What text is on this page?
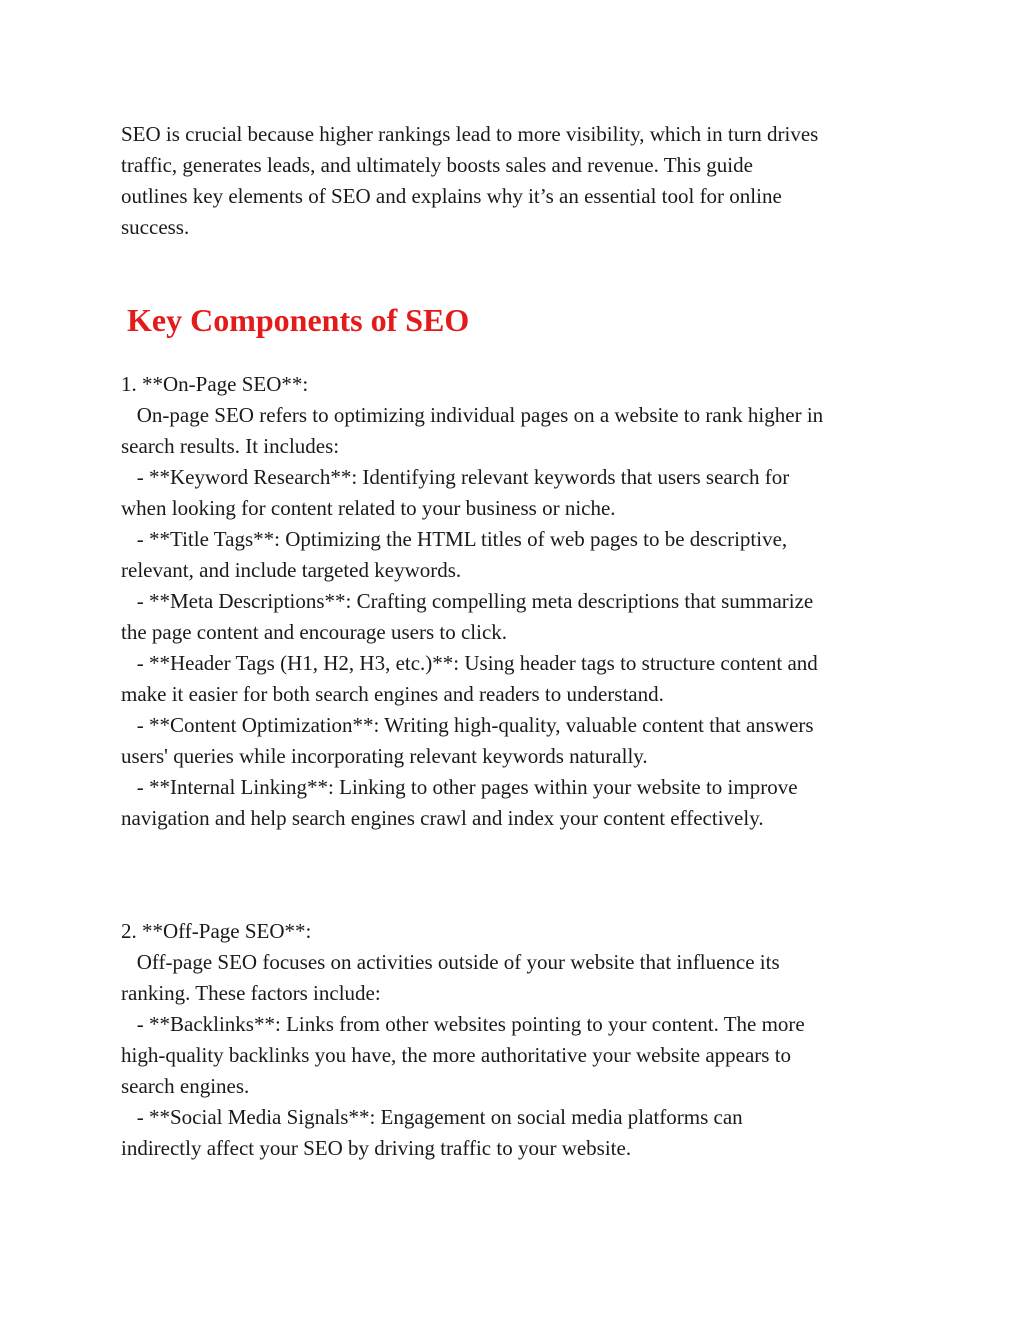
SEO is crucial because higher rankings lead to more visibility, which in turn drives
traffic, generates leads, and ultimately boosts sales and revenue. This guide
outlines key elements of SEO and explains why it’s an essential tool for online
success.
Key Components of SEO
1. **On-Page SEO**:
On-page SEO refers to optimizing individual pages on a website to rank higher in
search results. It includes:
- **Keyword Research**: Identifying relevant keywords that users search for
when looking for content related to your business or niche.
- **Title Tags**: Optimizing the HTML titles of web pages to be descriptive,
relevant, and include targeted keywords.
- **Meta Descriptions**: Crafting compelling meta descriptions that summarize
the page content and encourage users to click.
- **Header Tags (H1, H2, H3, etc.)**: Using header tags to structure content and
make it easier for both search engines and readers to understand.
- **Content Optimization**: Writing high-quality, valuable content that answers
users' queries while incorporating relevant keywords naturally.
- **Internal Linking**: Linking to other pages within your website to improve
navigation and help search engines crawl and index your content effectively.
2. **Off-Page SEO**:
Off-page SEO focuses on activities outside of your website that influence its
ranking. These factors include:
- **Backlinks**: Links from other websites pointing to your content. The more
high-quality backlinks you have, the more authoritative your website appears to
search engines.
- **Social Media Signals**: Engagement on social media platforms can
indirectly affect your SEO by driving traffic to your website.
